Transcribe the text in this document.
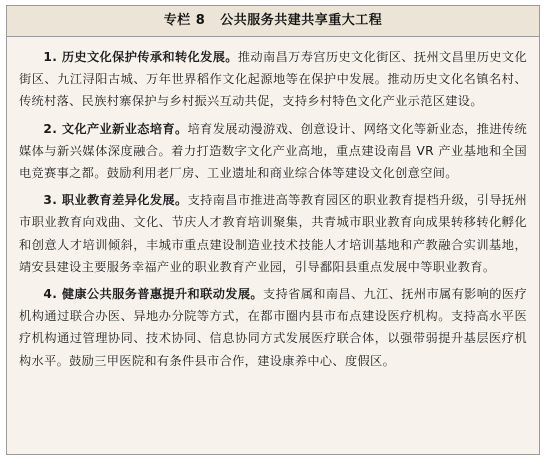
专栏 8 公共服务共建共享重大工程

1. 历史文化保护传承和转化发展。推动南昌万寿宫历史文化街区、抚州文昌里历史文化街区、九江浔阳古城、万年世界稻作文化起源地等在保护中发展。推动历史文化名镇名村、传统村落、民族村寨保护与乡村振兴互动共促，支持乡村特色文化产业示范区建设。

2. 文化产业新业态培育。培育发展动漫游戏、创意设计、网络文化等新业态，推进传统媒体与新兴媒体深度融合。着力打造数字文化产业高地，重点建设南昌 VR 产业基地和全国电竞赛事之都。鼓励利用老厂房、工业遗址和商业综合体等建设文化创意空间。

3. 职业教育差异化发展。支持南昌市推进高等教育园区的职业教育提档升级，引导抚州市职业教育向戏曲、文化、节庆人才教育培训聚集，共青城市职业教育向成果转移转化孵化和创意人才培训倾斜，丰城市重点建设制造业技术技能人才培训基地和产教融合实训基地，靖安县建设主要服务幸福产业的职业教育产业园，引导鄱阳县重点发展中等职业教育。

4. 健康公共服务普惠提升和联动发展。支持省属和南昌、九江、抚州市属有影响的医疗机构通过联合办医、异地办分院等方式，在都市圈内县市布点建设医疗机构。支持高水平医疗机构通过管理协同、技术协同、信息协同方式发展医疗联合体，以强带弱提升基层医疗机构水平。鼓励三甲医院和有条件县市合作，建设康养中心、度假区。
